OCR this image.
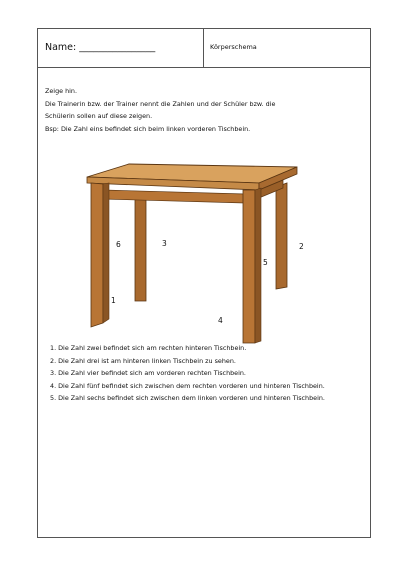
Name: ________________	Körperschema

Zeige hin.

Die Trainerin bzw. der Trainer nennt die Zahlen und der Schüler bzw. die

Schülerin sollen auf diese zeigen.

Bsp: Die Zahl eins befindet sich beim linken vorderen Tischbein.

6	3	2
5
1
4
1. Die Zahl zwei befindet sich am rechten hinteren Tischbein.
2. Die Zahl drei ist am hinteren linken Tischbein zu sehen.
3. Die Zahl vier befindet sich am vorderen rechten Tischbein.
4. Die Zahl fünf befindet sich zwischen dem rechten vorderen und hinteren Tischbein.
5. Die Zahl sechs befindet sich zwischen dem linken vorderen und hinteren Tischbein.
